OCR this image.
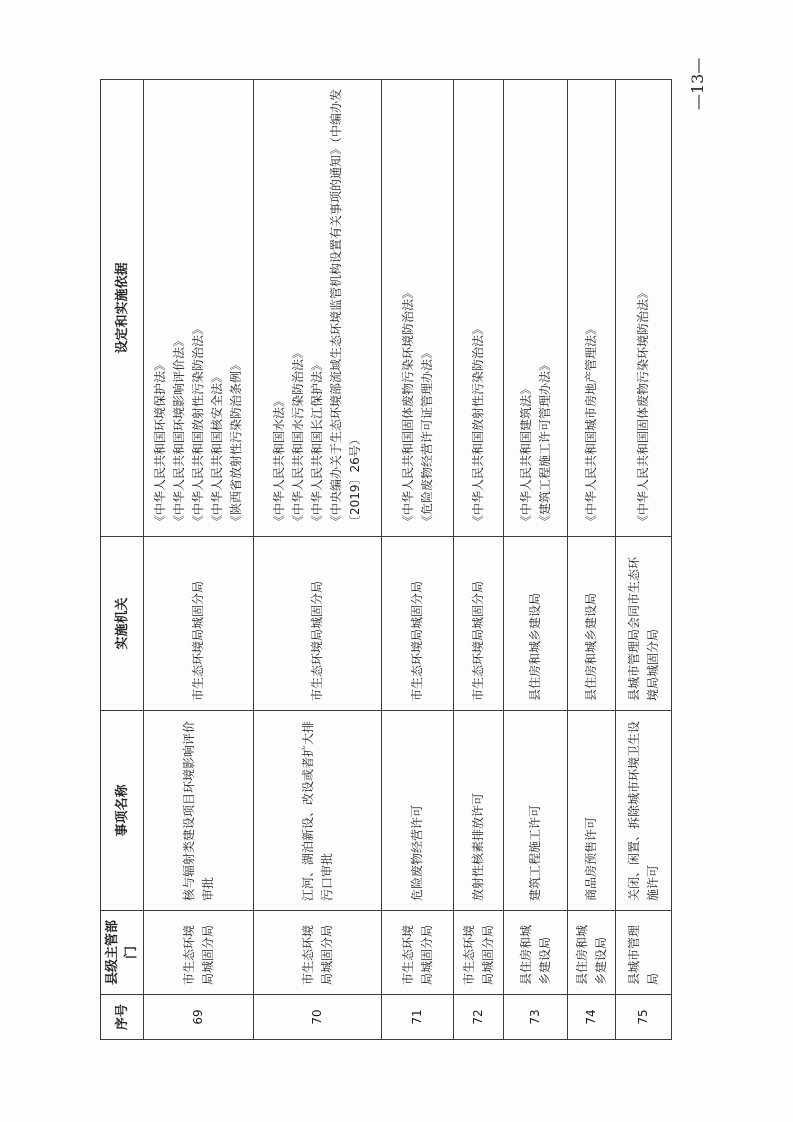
序号	县级主管部门	事项名称	实施机关	设定和实施依据
69	市生态环境局城固分局	核与辐射类建设项目环境影响评价审批	市生态环境局城固分局	《中华人民共和国环境保护法》 《中华人民共和国环境影响评价法》 《中华人民共和国放射性污染防治法》 《中华人民共和国核安全法》 《陕西省放射性污染防治条例》

70	市生态环境局城固分局	江河、湖泊新设、改设或者扩大排污口审批	市生态环境局城固分局	《中华人民共和国水法》 《中华人民共和国水污染防治法》 《中华人民共和国长江保护法》 《中央编办关于生态环境部流域生态环境监管机构设置有关事项的通知》（中编办发〔2019〕26号）

71	市生态环境局城固分局	危险废物经营许可	市生态环境局城固分局	《中华人民共和国固体废物污染环境防治法》 《危险废物经营许可证管理办法》

72	市生态环境局城固分局	放射性核素排放许可	市生态环境局城固分局	《中华人民共和国放射性污染防治法》

73	县住房和城乡建设局	建筑工程施工许可	县住房和城乡建设局	《中华人民共和国建筑法》 《建筑工程施工许可管理办法》

74	县住房和城乡建设局	商品房预售许可	县住房和城乡建设局	《中华人民共和国城市房地产管理法》

75	县城市管理局	关闭、闲置、拆除城市环境卫生设施许可	县城市管理局会同市生态环境局城固分局	《中华人民共和国固体废物污染环境防治法》
—13—
